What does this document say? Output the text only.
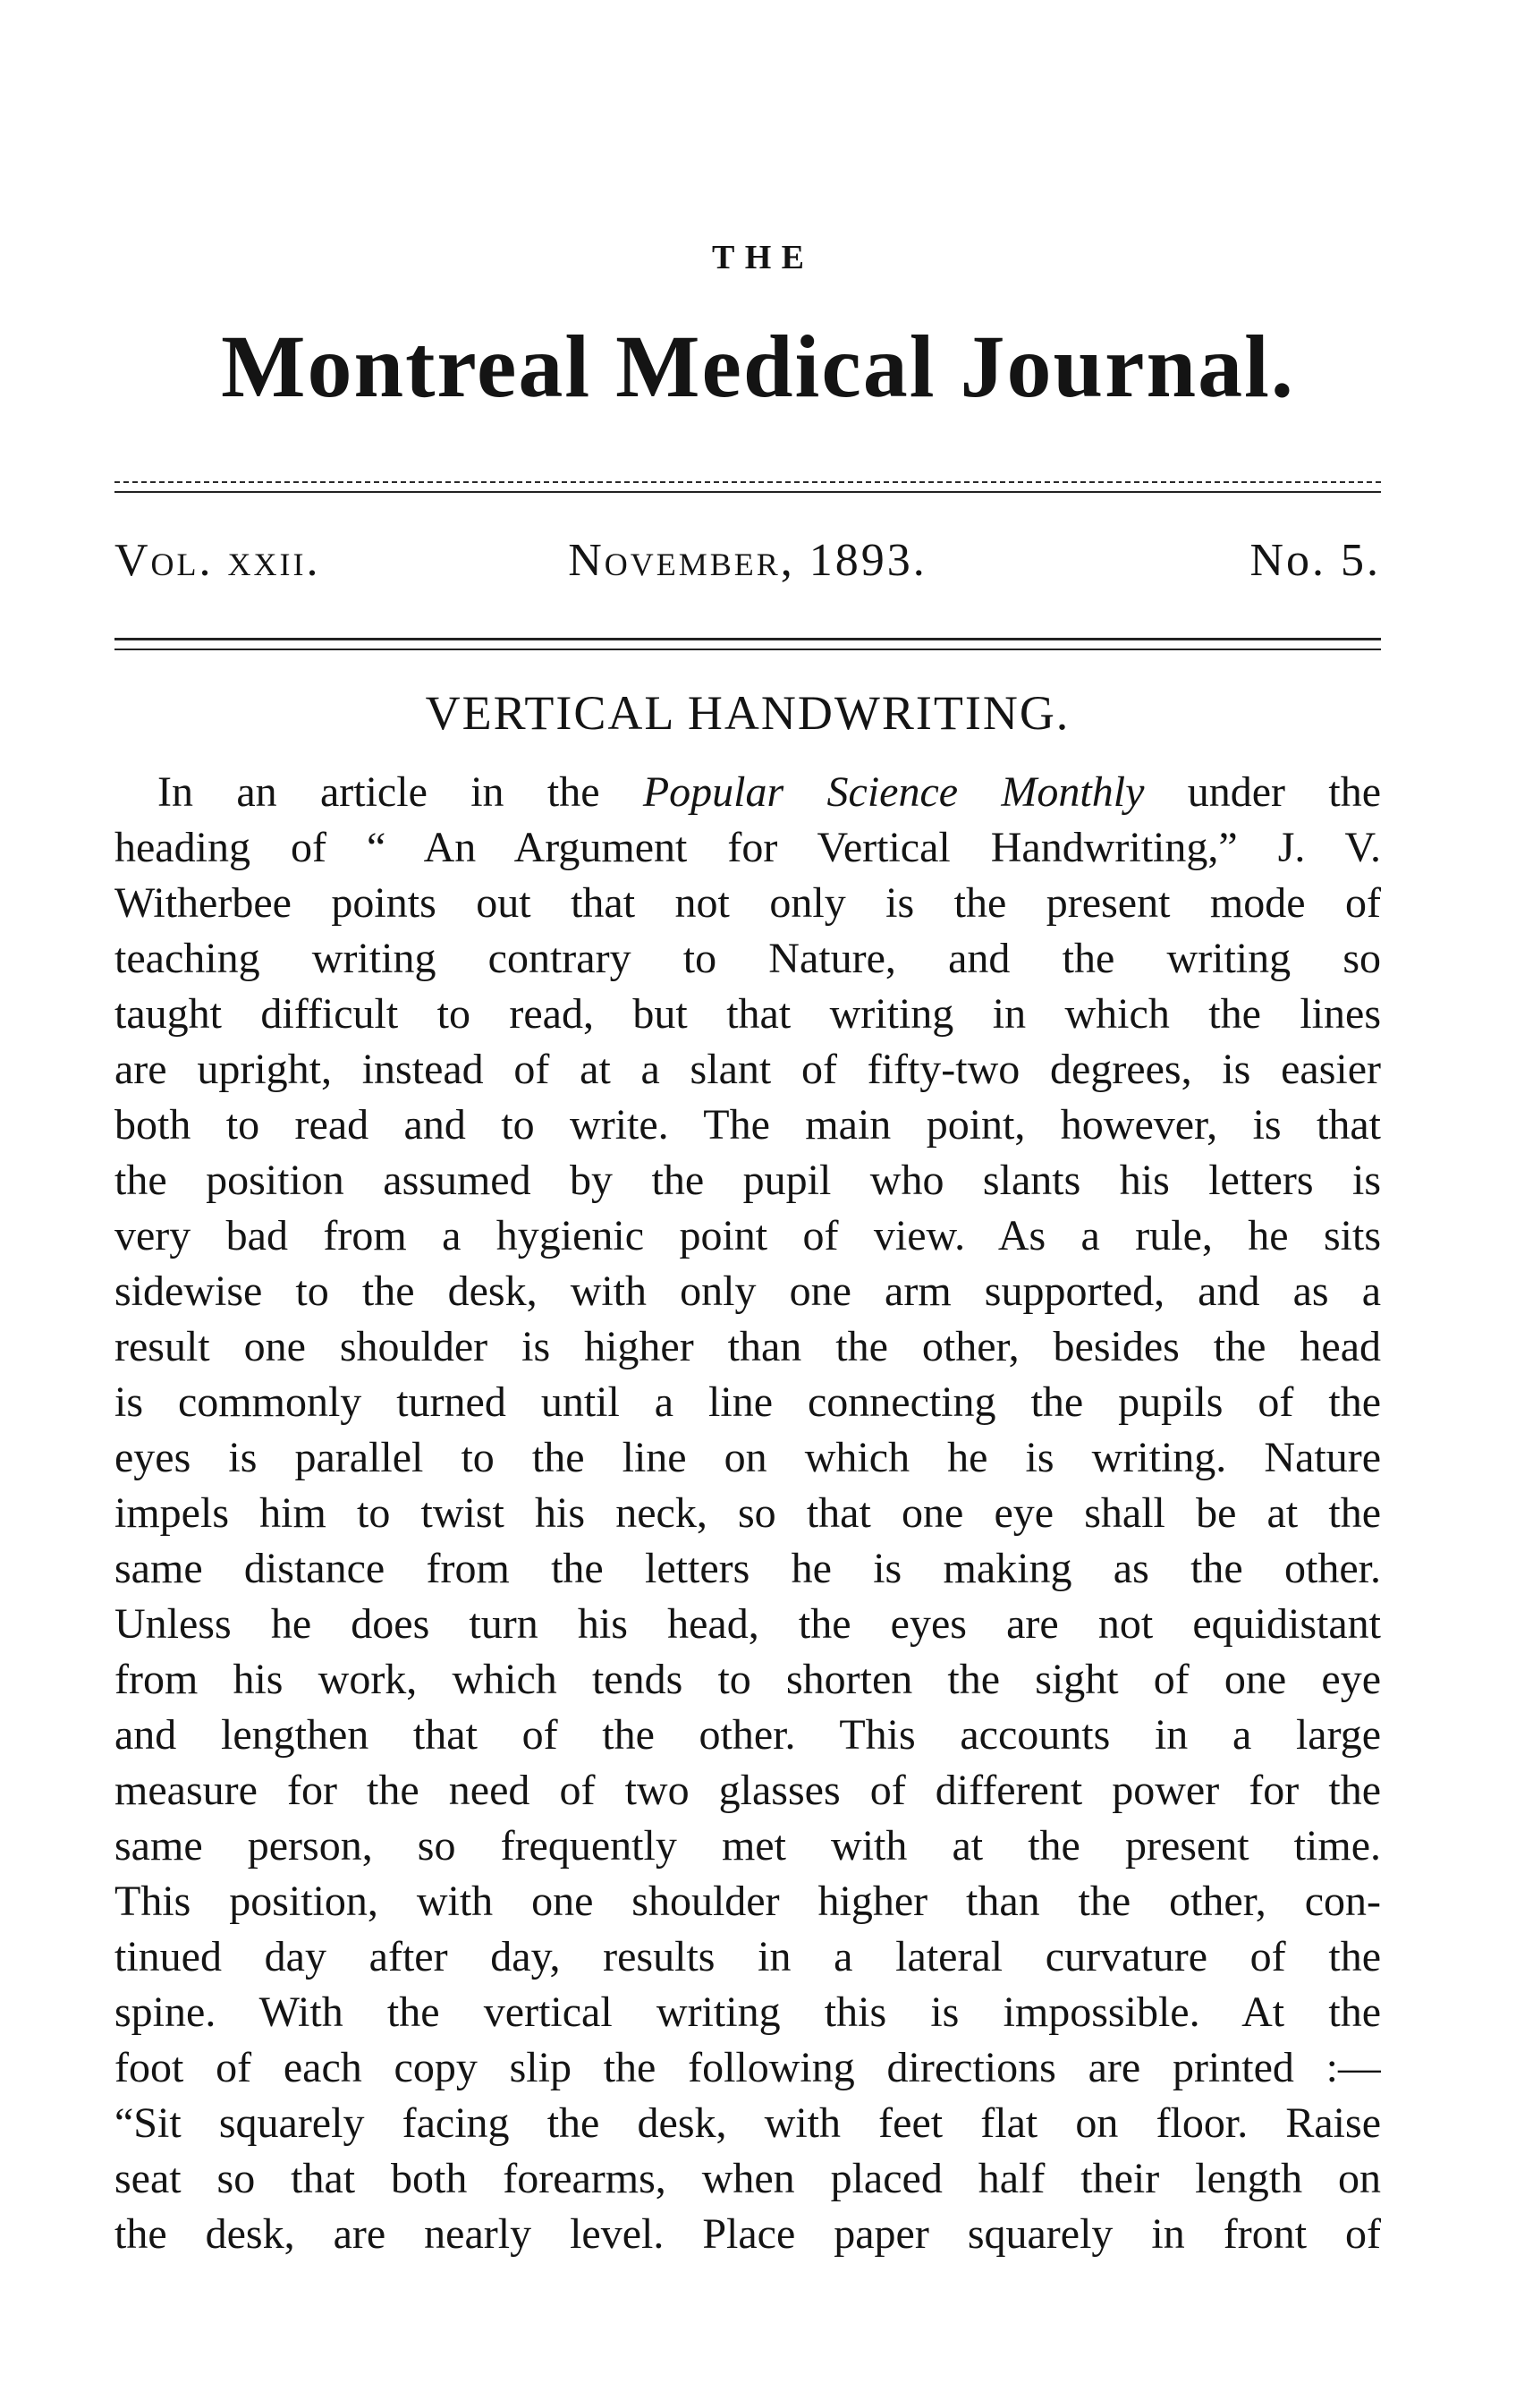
THE
Montreal Medical Journal.
Vol. xxii.	November, 1893.	No. 5.
VERTICAL HANDWRITING.
In an article in the Popular Science Monthly under the
heading of “ An Argument for Vertical Handwriting,” J. V.
Witherbee points out that not only is the present mode of
teaching writing contrary to Nature, and the writing so
taught difficult to read, but that writing in which the lines
are upright, instead of at a slant of fifty-two degrees, is easier
both to read and to write. The main point, however, is that
the position assumed by the pupil who slants his letters is
very bad from a hygienic point of view. As a rule, he sits
sidewise to the desk, with only one arm supported, and as a
result one shoulder is higher than the other, besides the head
is commonly turned until a line connecting the pupils of the
eyes is parallel to the line on which he is writing. Nature
impels him to twist his neck, so that one eye shall be at the
same distance from the letters he is making as the other.
Unless he does turn his head, the eyes are not equidistant
from his work, which tends to shorten the sight of one eye
and lengthen that of the other. This accounts in a large
measure for the need of two glasses of different power for the
same person, so frequently met with at the present time.
This position, with one shoulder higher than the other, con-
tinued day after day, results in a lateral curvature of the
spine. With the vertical writing this is impossible. At the
foot of each copy slip the following directions are printed :—
“Sit squarely facing the desk, with feet flat on floor. Raise
seat so that both forearms, when placed half their length on
the desk, are nearly level. Place paper squarely in front of
